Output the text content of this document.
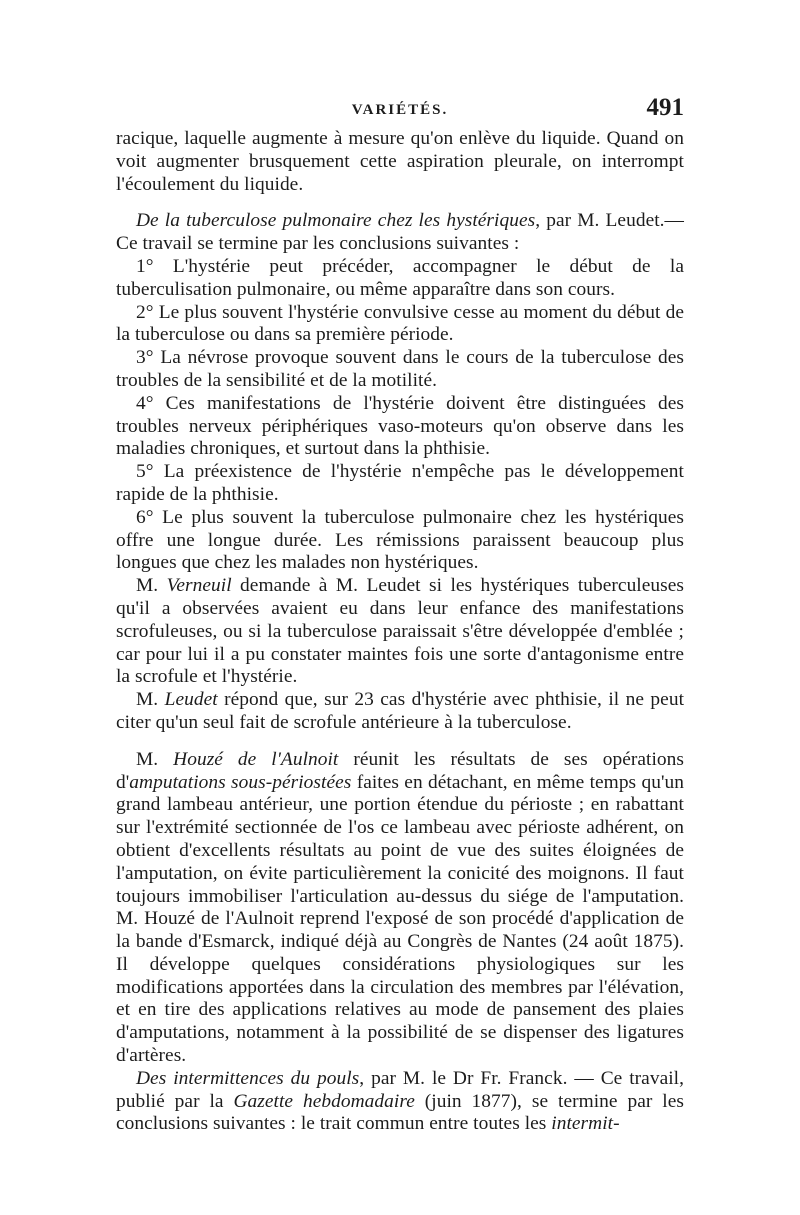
VARIÉTÉS.	491

racique, laquelle augmente à mesure qu'on enlève du liquide. Quand on voit augmenter brusquement cette aspiration pleurale, on interrompt l'écoulement du liquide.

De la tuberculose pulmonaire chez les hystériques, par M. Leudet.— Ce travail se termine par les conclusions suivantes :

1° L'hystérie peut précéder, accompagner le début de la tuberculisation pulmonaire, ou même apparaître dans son cours.

2° Le plus souvent l'hystérie convulsive cesse au moment du début de la tuberculose ou dans sa première période.

3° La névrose provoque souvent dans le cours de la tuberculose des troubles de la sensibilité et de la motilité.

4° Ces manifestations de l'hystérie doivent être distinguées des troubles nerveux périphériques vaso-moteurs qu'on observe dans les maladies chroniques, et surtout dans la phthisie.

5° La préexistence de l'hystérie n'empêche pas le développement rapide de la phthisie.

6° Le plus souvent la tuberculose pulmonaire chez les hystériques offre une longue durée. Les rémissions paraissent beaucoup plus longues que chez les malades non hystériques.

M. Verneuil demande à M. Leudet si les hystériques tuberculeuses qu'il a observées avaient eu dans leur enfance des manifestations scrofuleuses, ou si la tuberculose paraissait s'être développée d'emblée ; car pour lui il a pu constater maintes fois une sorte d'antagonisme entre la scrofule et l'hystérie.

M. Leudet répond que, sur 23 cas d'hystérie avec phthisie, il ne peut citer qu'un seul fait de scrofule antérieure à la tuberculose.

M. Houzé de l'Aulnoit réunit les résultats de ses opérations d'amputations sous-périostées faites en détachant, en même temps qu'un grand lambeau antérieur, une portion étendue du périoste ; en rabattant sur l'extrémité sectionnée de l'os ce lambeau avec périoste adhérent, on obtient d'excellents résultats au point de vue des suites éloignées de l'amputation, on évite particulièrement la conicité des moignons. Il faut toujours immobiliser l'articulation au-dessus du siége de l'amputation. M. Houzé de l'Aulnoit reprend l'exposé de son procédé d'application de la bande d'Esmarck, indiqué déjà au Congrès de Nantes (24 août 1875). Il développe quelques considérations physiologiques sur les modifications apportées dans la circulation des membres par l'élévation, et en tire des applications relatives au mode de pansement des plaies d'amputations, notamment à la possibilité de se dispenser des ligatures d'artères.

Des intermittences du pouls, par M. le Dr Fr. Franck. — Ce travail, publié par la Gazette hebdomadaire (juin 1877), se termine par les conclusions suivantes : le trait commun entre toutes les intermit-
